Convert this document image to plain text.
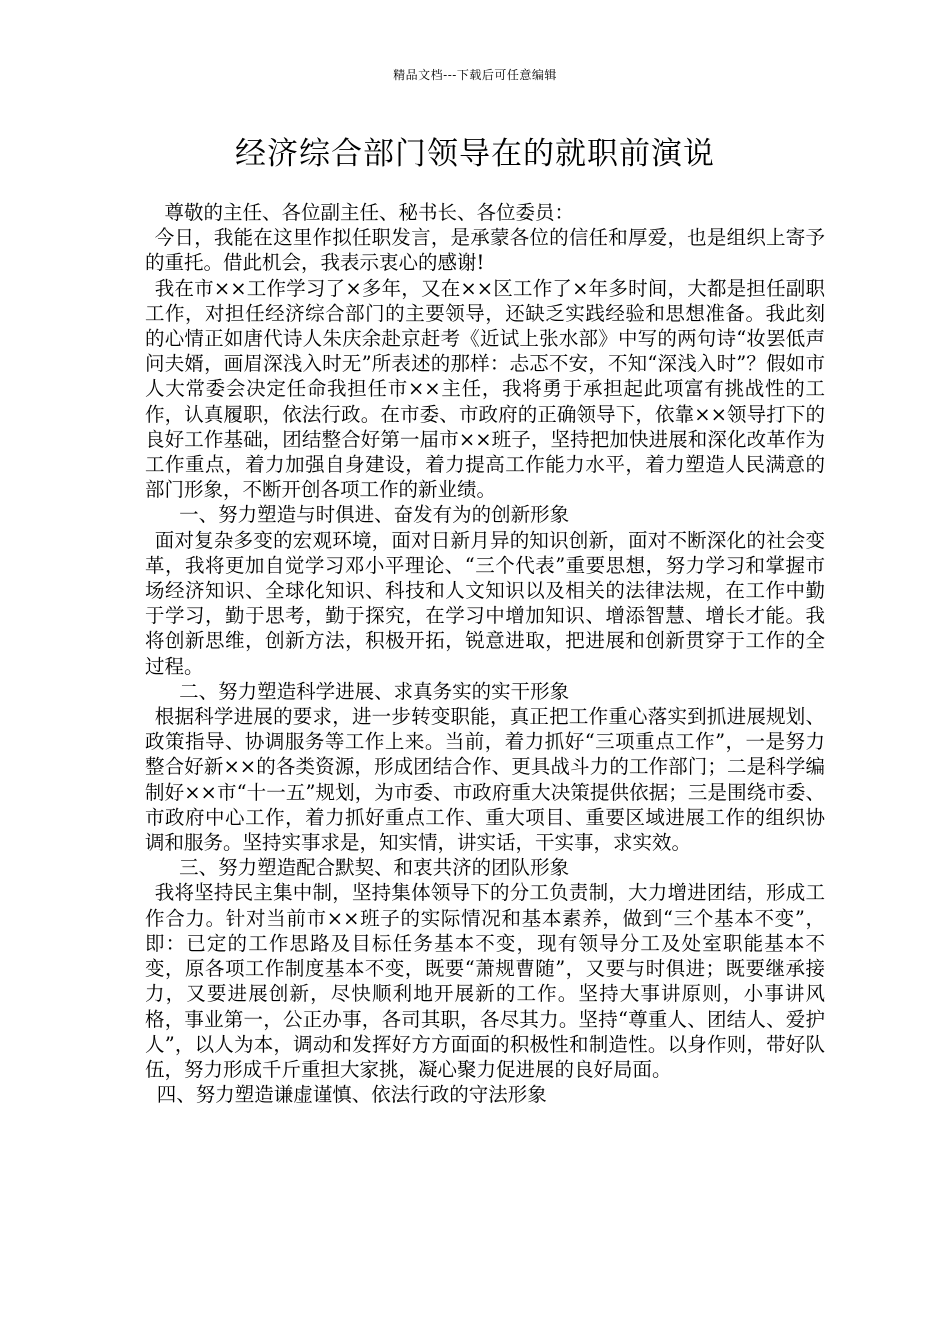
精品文档---下载后可任意编辑
经济综合部门领导在的就职前演说

尊敬的主任、各位副主任、秘书长、各位委员：

今日，我能在这里作拟任职发言，是承蒙各位的信任和厚爱，也是组织上寄予的重托。借此机会，我表示衷心的感谢!

我在市××工作学习了×多年，又在××区工作了×年多时间，大都是担任副职工作，对担任经济综合部门的主要领导，还缺乏实践经验和思想准备。我此刻的心情正如唐代诗人朱庆余赴京赶考《近试上张水部》中写的两句诗“妆罢低声问夫婿，画眉深浅入时无”所表述的那样：忐忑不安，不知“深浅入时”？假如市人大常委会决定任命我担任市××主任，我将勇于承担起此项富有挑战性的工作，认真履职，依法行政。在市委、市政府的正确领导下，依靠××领导打下的良好工作基础，团结整合好第一届市××班子，坚持把加快进展和深化改革作为工作重点，着力加强自身建设，着力提高工作能力水平，着力塑造人民满意的部门形象，不断开创各项工作的新业绩。

一、努力塑造与时俱进、奋发有为的创新形象

面对复杂多变的宏观环境，面对日新月异的知识创新，面对不断深化的社会变革，我将更加自觉学习邓小平理论、“三个代表”重要思想，努力学习和掌握市场经济知识、全球化知识、科技和人文知识以及相关的法律法规，在工作中勤于学习，勤于思考，勤于探究，在学习中增加知识、增添智慧、增长才能。我将创新思维，创新方法，积极开拓，锐意进取，把进展和创新贯穿于工作的全过程。

二、努力塑造科学进展、求真务实的实干形象

根据科学进展的要求，进一步转变职能，真正把工作重心落实到抓进展规划、政策指导、协调服务等工作上来。当前，着力抓好“三项重点工作”，一是努力整合好新××的各类资源，形成团结合作、更具战斗力的工作部门；二是科学编制好××市“十一五”规划，为市委、市政府重大决策提供依据；三是围绕市委、市政府中心工作，着力抓好重点工作、重大项目、重要区域进展工作的组织协调和服务。坚持实事求是，知实情，讲实话，干实事，求实效。

三、努力塑造配合默契、和衷共济的团队形象

我将坚持民主集中制，坚持集体领导下的分工负责制，大力增进团结，形成工作合力。针对当前市××班子的实际情况和基本素养，做到“三个基本不变”，即：已定的工作思路及目标任务基本不变，现有领导分工及处室职能基本不变，原各项工作制度基本不变，既要“萧规曹随”，又要与时俱进；既要继承接力，又要进展创新，尽快顺利地开展新的工作。坚持大事讲原则，小事讲风格，事业第一，公正办事，各司其职，各尽其力。坚持“尊重人、团结人、爱护人”，以人为本，调动和发挥好方方面面的积极性和制造性。以身作则，带好队伍，努力形成千斤重担大家挑，凝心聚力促进展的良好局面。

四、努力塑造谦虚谨慎、依法行政的守法形象
